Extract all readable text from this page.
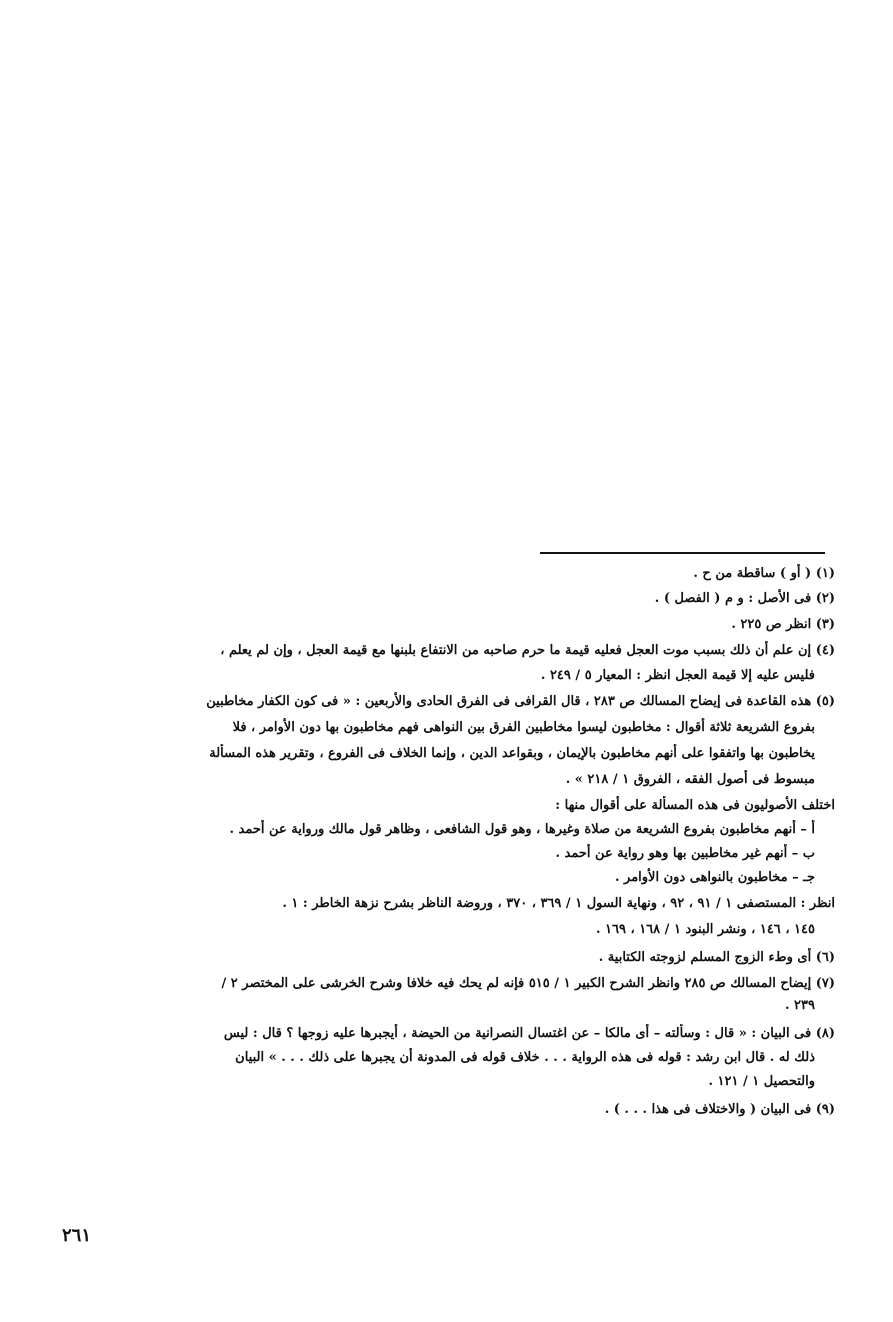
(١) ( أو ) ساقطة من ح .
(٢) فى الأصل : و م ( الفصل ) .
(٣) انظر ص ٢٢٥ .
(٤) إن علم أن ذلك بسبب موت العجل فعليه قيمة ما حرم صاحبه من الانتفاع بلبنها مع قيمة العجل ، وإن لم يعلم ،
فليس عليه إلا قيمة العجل انظر : المعيار ٥ / ٢٤٩ .
(٥) هذه القاعدة فى إيضاح المسالك ص ٢٨٣ ، قال القرافى فى الفرق الحادى والأربعين : « فى كون الكفار مخاطبين
بفروع الشريعة ثلاثة أقوال : مخاطبون ليسوا مخاطبين الفرق بين النواهى فهم مخاطبون بها دون الأوامر ، فلا
يخاطبون بها واتفقوا على أنهم مخاطبون بالإيمان ، وبقواعد الدين ، وإنما الخلاف فى الفروع ، وتقرير هذه المسألة
مبسوط فى أصول الفقه ، الفروق ١ / ٢١٨ » .
اختلف الأصوليون فى هذه المسألة على أقوال منها :
أ – أنهم مخاطبون بفروع الشريعة من صلاة وغيرها ، وهو قول الشافعى ، وظاهر قول مالك ورواية عن أحمد .
ب – أنهم غير مخاطبين بها وهو رواية عن أحمد .
جـ – مخاطبون بالنواهى دون الأوامر .
انظر : المستصفى ١ / ٩١ ، ٩٢ ، ونهاية السول ١ / ٣٦٩ ، ٣٧٠ ، وروضة الناظر بشرح نزهة الخاطر : ١ .
١٤٥ ، ١٤٦ ، ونشر البنود ١ / ١٦٨ ، ١٦٩ .
(٦) أى وطء الزوج المسلم لزوجته الكتابية .
(٧) إيضاح المسالك ص ٢٨٥ وانظر الشرح الكبير ١ / ٥١٥ فإنه لم يحك فيه خلافا وشرح الخرشى على المختصر ٢ /
٢٣٩ .
(٨) فى البيان : « قال : وسألته – أى مالكا – عن اغتسال النصرانية من الحيضة ، أيجبرها عليه زوجها ؟ قال : ليس
ذلك له . قال ابن رشد : قوله فى هذه الرواية . . . خلاف قوله فى المدونة أن يجبرها على ذلك . . . » البيان
والتحصيل ١ / ١٢١ .
(٩) فى البيان ( والاختلاف فى هذا . . . ) .
٢٦١
